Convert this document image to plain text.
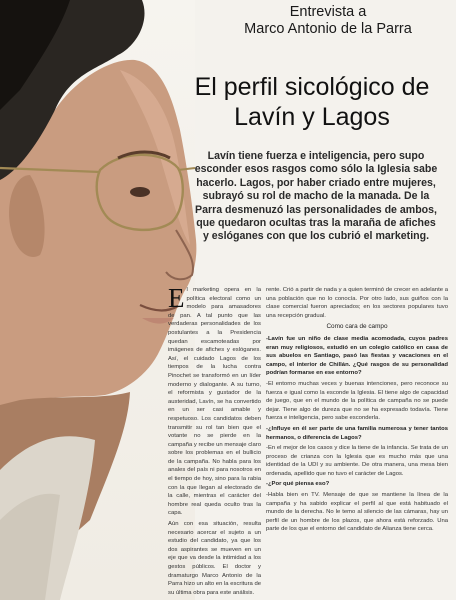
Entrevista a
Marco Antonio de la Parra
El perfil sicológico de
Lavín y Lagos
Lavín tiene fuerza e inteligencia, pero supo esconder esos rasgos como sólo la Iglesia sabe hacerlo. Lagos, por haber criado entre mujeres, subrayó su rol de macho de la manada. De la Parra desmenuzó las personalidades de ambos, que quedaron ocultas tras la maraña de afiches y eslóganes con que los cubrió el marketing.

El marketing opera en la política electoral como un modelo para amasadores de pan. A tal punto que las verdaderas personalidades de los postulantes a la Presidencia quedan escamoteadas por imágenes de afiches y eslóganes. Así, el cuidado Lagos de los tiempos de la lucha contra Pinochet se transformó en un líder moderno y dialogante. A su turno, el reformista y gustador de la austeridad, Lavín, se ha convertido en un ser casi amable y respetuoso. Los candidatos deben transmitir su rol tan bien que el votante no se pierde en la campaña y recibe un mensaje claro sobre los problemas en el bullicio de la campaña. No habla para los anales del país ni para nosotros en el tiempo de hoy, sino para la rabia con la que llegan al electorado de la calle, mientras el carácter del hombre real queda oculto tras la capa.

Aún con esa situación, resulta necesario acercar el sujeto a un estudio del candidato, ya que los dos aspirantes se mueven en un eje que va desde la intimidad a los gestos públicos. El doctor y dramaturgo Marco Antonio de la Parra hizo un alto en la escritura de su última obra para este análisis.

rente. Crió a partir de nada y a quien terminó de crecer en adelante a una población que no lo conocía. Por otro lado, sus guiños con la clase comercial fueron apreciados; en los sectores populares tuvo una recepción gradual.

Como cara de campo

-Lavín fue un niño de clase media acomodada, cuyos padres eran muy religiosos, estudió en un colegio católico en casa de sus abuelos en Santiago, pasó las fiestas y vacaciones en el campo, el interior de Chillán. ¿Qué rasgos de su personalidad podrían formarse en ese entorno?

-El entorno muchas veces y buenas intenciones, pero reconoce su fuerza e igual como la esconde la Iglesia. El tiene algo de capacidad de juego, que en el mundo de la política de campaña no se puede dejar. Tiene algo de dureza que no se ha expresado todavía. Tiene fuerza e inteligencia, pero sabe esconderla.

-¿Influye en él ser parte de una familia numerosa y tener tantos hermanos, o diferencia de Lagos?

-En el mejor de los casos y dice la tiene de la infancia. Se trata de un proceso de crianza con la Iglesia que es mucho más que una identidad de la UDI y su ambiente. De otra manera, una mesa bien ordenada, apellido que no tuvo el carácter de Lagos.

-¿Por qué piensa eso?

-Habla bien en TV. Mensaje de que se mantiene la línea de la campaña y ha sabido explicar el perfil al que está habituado el mundo de la derecha. No le temo al silencio de las cámaras, hay un perfil de un hombre de los plazos, que ahora está reforzado. Una parte de los que el entorno del candidato de Alianza tiene cerca.
